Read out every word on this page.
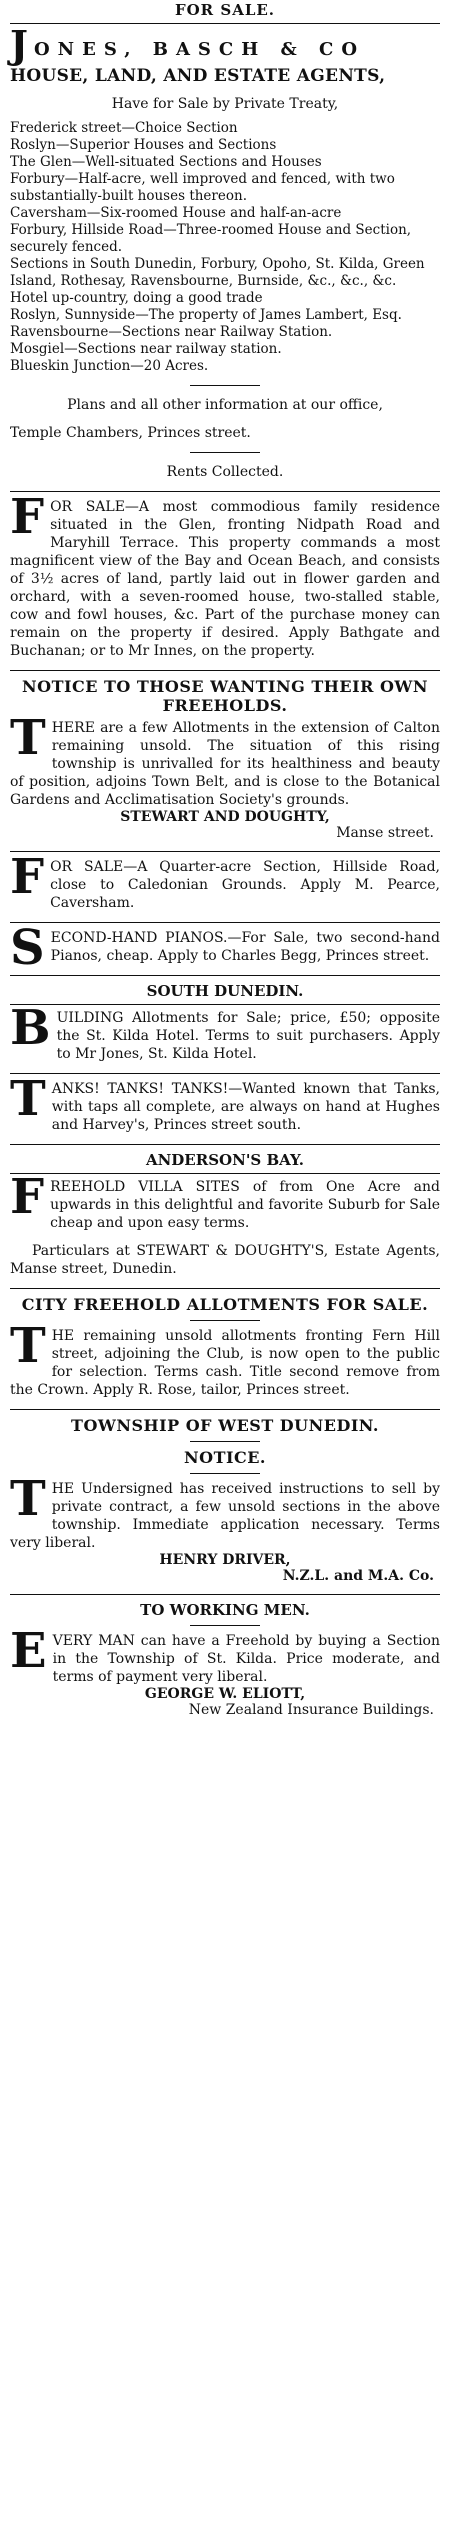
FOR SALE.
J ONES, BASCH & CO
HOUSE, LAND, AND ESTATE AGENTS,
Have for Sale by Private Treaty,
Frederick street—Choice Section
Roslyn—Superior Houses and Sections
The Glen—Well-situated Sections and Houses
Forbury—Half-acre, well improved and fenced, with two substantially-built houses thereon.
Caversham—Six-roomed House and half-an-acre
Forbury, Hillside Road—Three-roomed House and Section, securely fenced.
Sections in South Dunedin, Forbury, Opoho, St. Kilda, Green Island, Rothesay, Ravensbourne, Burnside, &c., &c., &c.
Hotel up-country, doing a good trade
Roslyn, Sunnyside—The property of James Lambert, Esq.
Ravensbourne—Sections near Railway Station.
Mosgiel—Sections near railway station.
Blueskin Junction—20 Acres.
Plans and all other information at our office,
Temple Chambers, Princes street.
Rents Collected.
F OR SALE—A most commodious family residence situated in the Glen, fronting Nidpath Road and Maryhill Terrace. This property commands a most magnificent view of the Bay and Ocean Beach, and consists of 3½ acres of land, partly laid out in flower garden and orchard, with a seven-roomed house, two-stalled stable, cow and fowl houses, &c. Part of the purchase money can remain on the property if desired. Apply Bathgate and Buchanan; or to Mr Innes, on the property.
NOTICE TO THOSE WANTING THEIR OWN FREEHOLDS.
T HERE are a few Allotments in the extension of Calton remaining unsold. The situation of this rising township is unrivalled for its healthiness and beauty of position, adjoins Town Belt, and is close to the Botanical Gardens and Acclimatisation Society's grounds.
STEWART AND DOUGHTY,
Manse street.
F OR SALE—A Quarter-acre Section, Hillside Road, close to Caledonian Grounds. Apply M. Pearce, Caversham.
S ECOND-HAND PIANOS.—For Sale, two second-hand Pianos, cheap. Apply to Charles Begg, Princes street.
SOUTH DUNEDIN.
B UILDING Allotments for Sale; price, £50; opposite the St. Kilda Hotel. Terms to suit purchasers. Apply to Mr Jones, St. Kilda Hotel.
T ANKS! TANKS! TANKS!—Wanted known that Tanks, with taps all complete, are always on hand at Hughes and Harvey's, Princes street south.
ANDERSON'S BAY.
F REEHOLD VILLA SITES of from One Acre and upwards in this delightful and favorite Suburb for Sale cheap and upon easy terms.
Particulars at STEWART & DOUGHTY'S, Estate Agents, Manse street, Dunedin.
CITY FREEHOLD ALLOTMENTS FOR SALE.
T HE remaining unsold allotments fronting Fern Hill street, adjoining the Club, is now open to the public for selection. Terms cash. Title second remove from the Crown. Apply R. Rose, tailor, Princes street.
TOWNSHIP OF WEST DUNEDIN.
NOTICE.
T HE Undersigned has received instructions to sell by private contract, a few unsold sections in the above township. Immediate application necessary. Terms very liberal.
HENRY DRIVER,
N.Z.L. and M.A. Co.
TO WORKING MEN.
E VERY MAN can have a Freehold by buying a Section in the Township of St. Kilda. Price moderate, and terms of payment very liberal.
GEORGE W. ELIOTT,
New Zealand Insurance Buildings.
